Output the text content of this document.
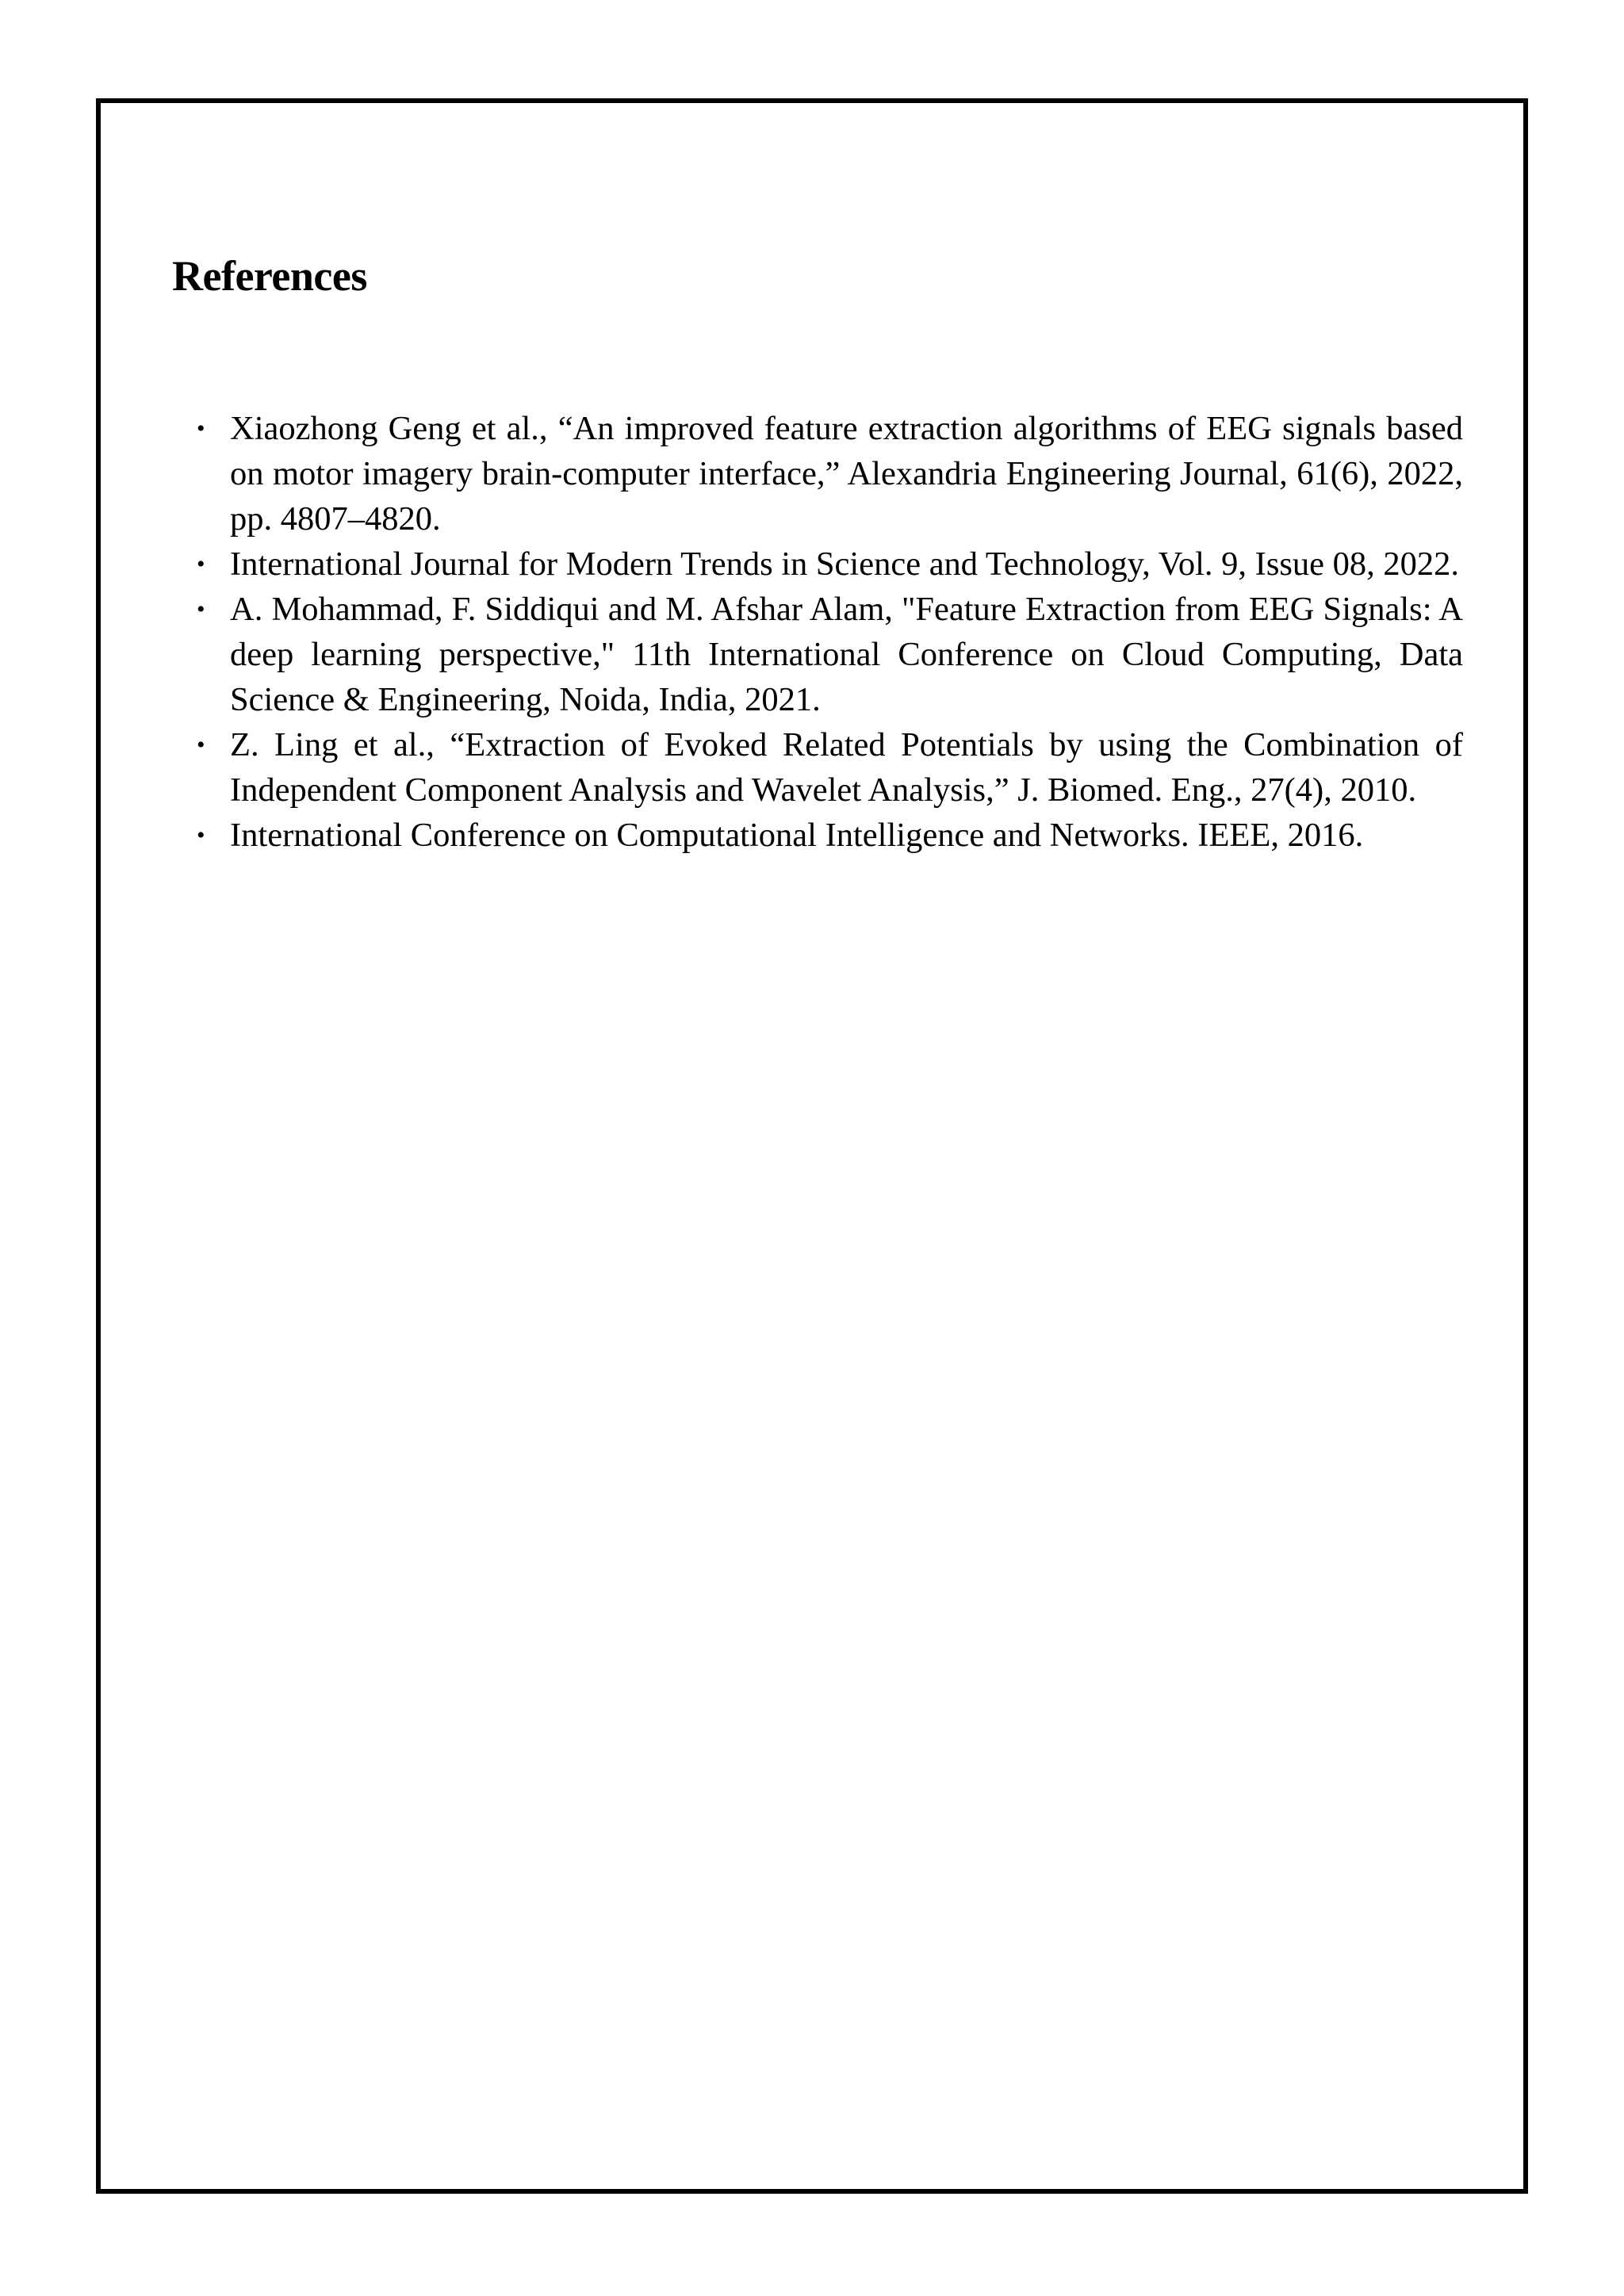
References
• Xiaozhong Geng et al., “An improved feature extraction algorithms of EEG signals based on motor imagery brain-computer interface,” Alexandria Engineering Journal, 61(6), 2022, pp. 4807–4820.
• International Journal for Modern Trends in Science and Technology, Vol. 9, Issue 08, 2022.
• A. Mohammad, F. Siddiqui and M. Afshar Alam, "Feature Extraction from EEG Signals: A deep learning perspective," 11th International Conference on Cloud Computing, Data Science & Engineering, Noida, India, 2021.
• Z. Ling et al., “Extraction of Evoked Related Potentials by using the Combination of Independent Component Analysis and Wavelet Analysis,” J. Biomed. Eng., 27(4), 2010.
• International Conference on Computational Intelligence and Networks. IEEE, 2016.
